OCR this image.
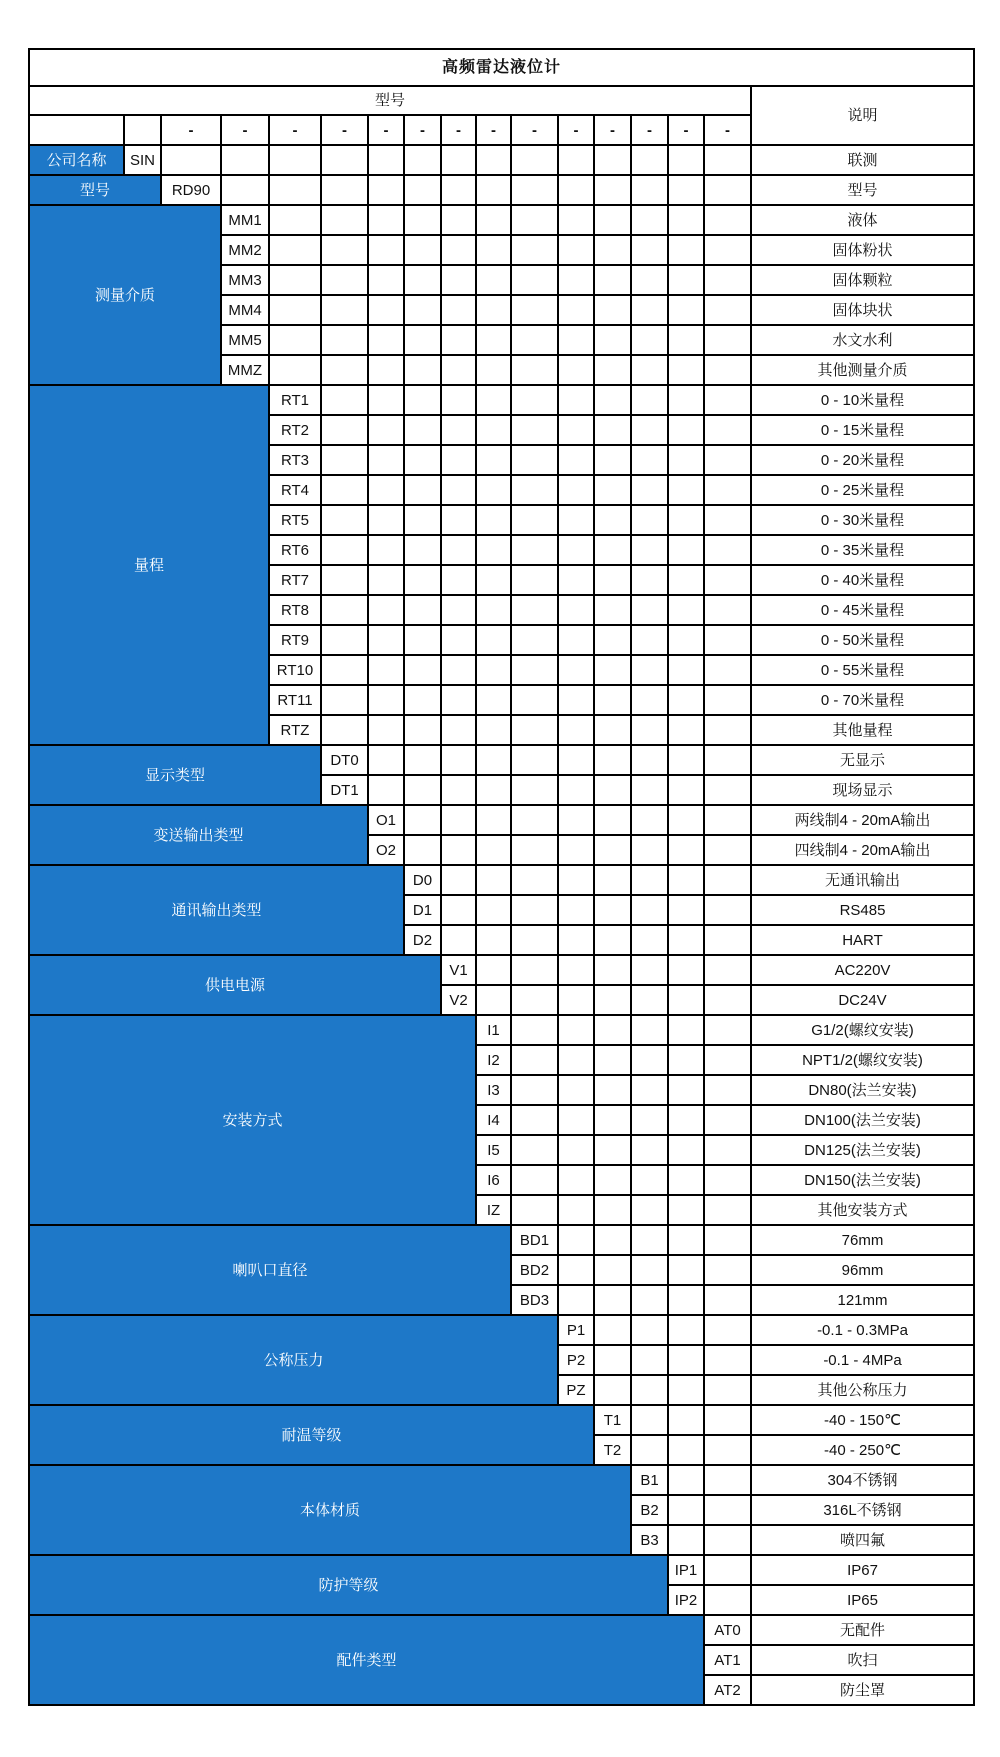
高频雷达液位计
型号
说明
-	-	-	-	-	-	-	-	-	-	-	-	-	-
公司名称	SIN	联测
型号	RD90	型号
测量介质
MM1	液体
MM2	固体粉状
MM3	固体颗粒
MM4	固体块状
MM5	水文水利
MMZ	其他测量介质
量程
RT1	0 - 10米量程
RT2	0 - 15米量程
RT3	0 - 20米量程
RT4	0 - 25米量程
RT5	0 - 30米量程
RT6	0 - 35米量程
RT7	0 - 40米量程
RT8	0 - 45米量程
RT9	0 - 50米量程
RT10	0 - 55米量程
RT11	0 - 70米量程
RTZ	其他量程
显示类型
DT0	无显示
DT1	现场显示
变送输出类型
O1	两线制4 - 20mA输出
O2	四线制4 - 20mA输出
通讯输出类型
D0	无通讯输出
D1	RS485
D2	HART
供电电源
V1	AC220V
V2	DC24V
安装方式
I1	G1/2(螺纹安装)
I2	NPT1/2(螺纹安装)
I3	DN80(法兰安装)
I4	DN100(法兰安装)
I5	DN125(法兰安装)
I6	DN150(法兰安装)
IZ	其他安装方式
喇叭口直径
BD1	76mm
BD2	96mm
BD3	121mm
公称压力
P1	-0.1 - 0.3MPa
P2	-0.1 - 4MPa
PZ	其他公称压力
耐温等级
T1	-40 - 150℃
T2	-40 - 250℃
本体材质
B1	304不锈钢
B2	316L不锈钢
B3	喷四氟
防护等级
IP1	IP67
IP2	IP65
配件类型
AT0	无配件
AT1	吹扫
AT2	防尘罩
